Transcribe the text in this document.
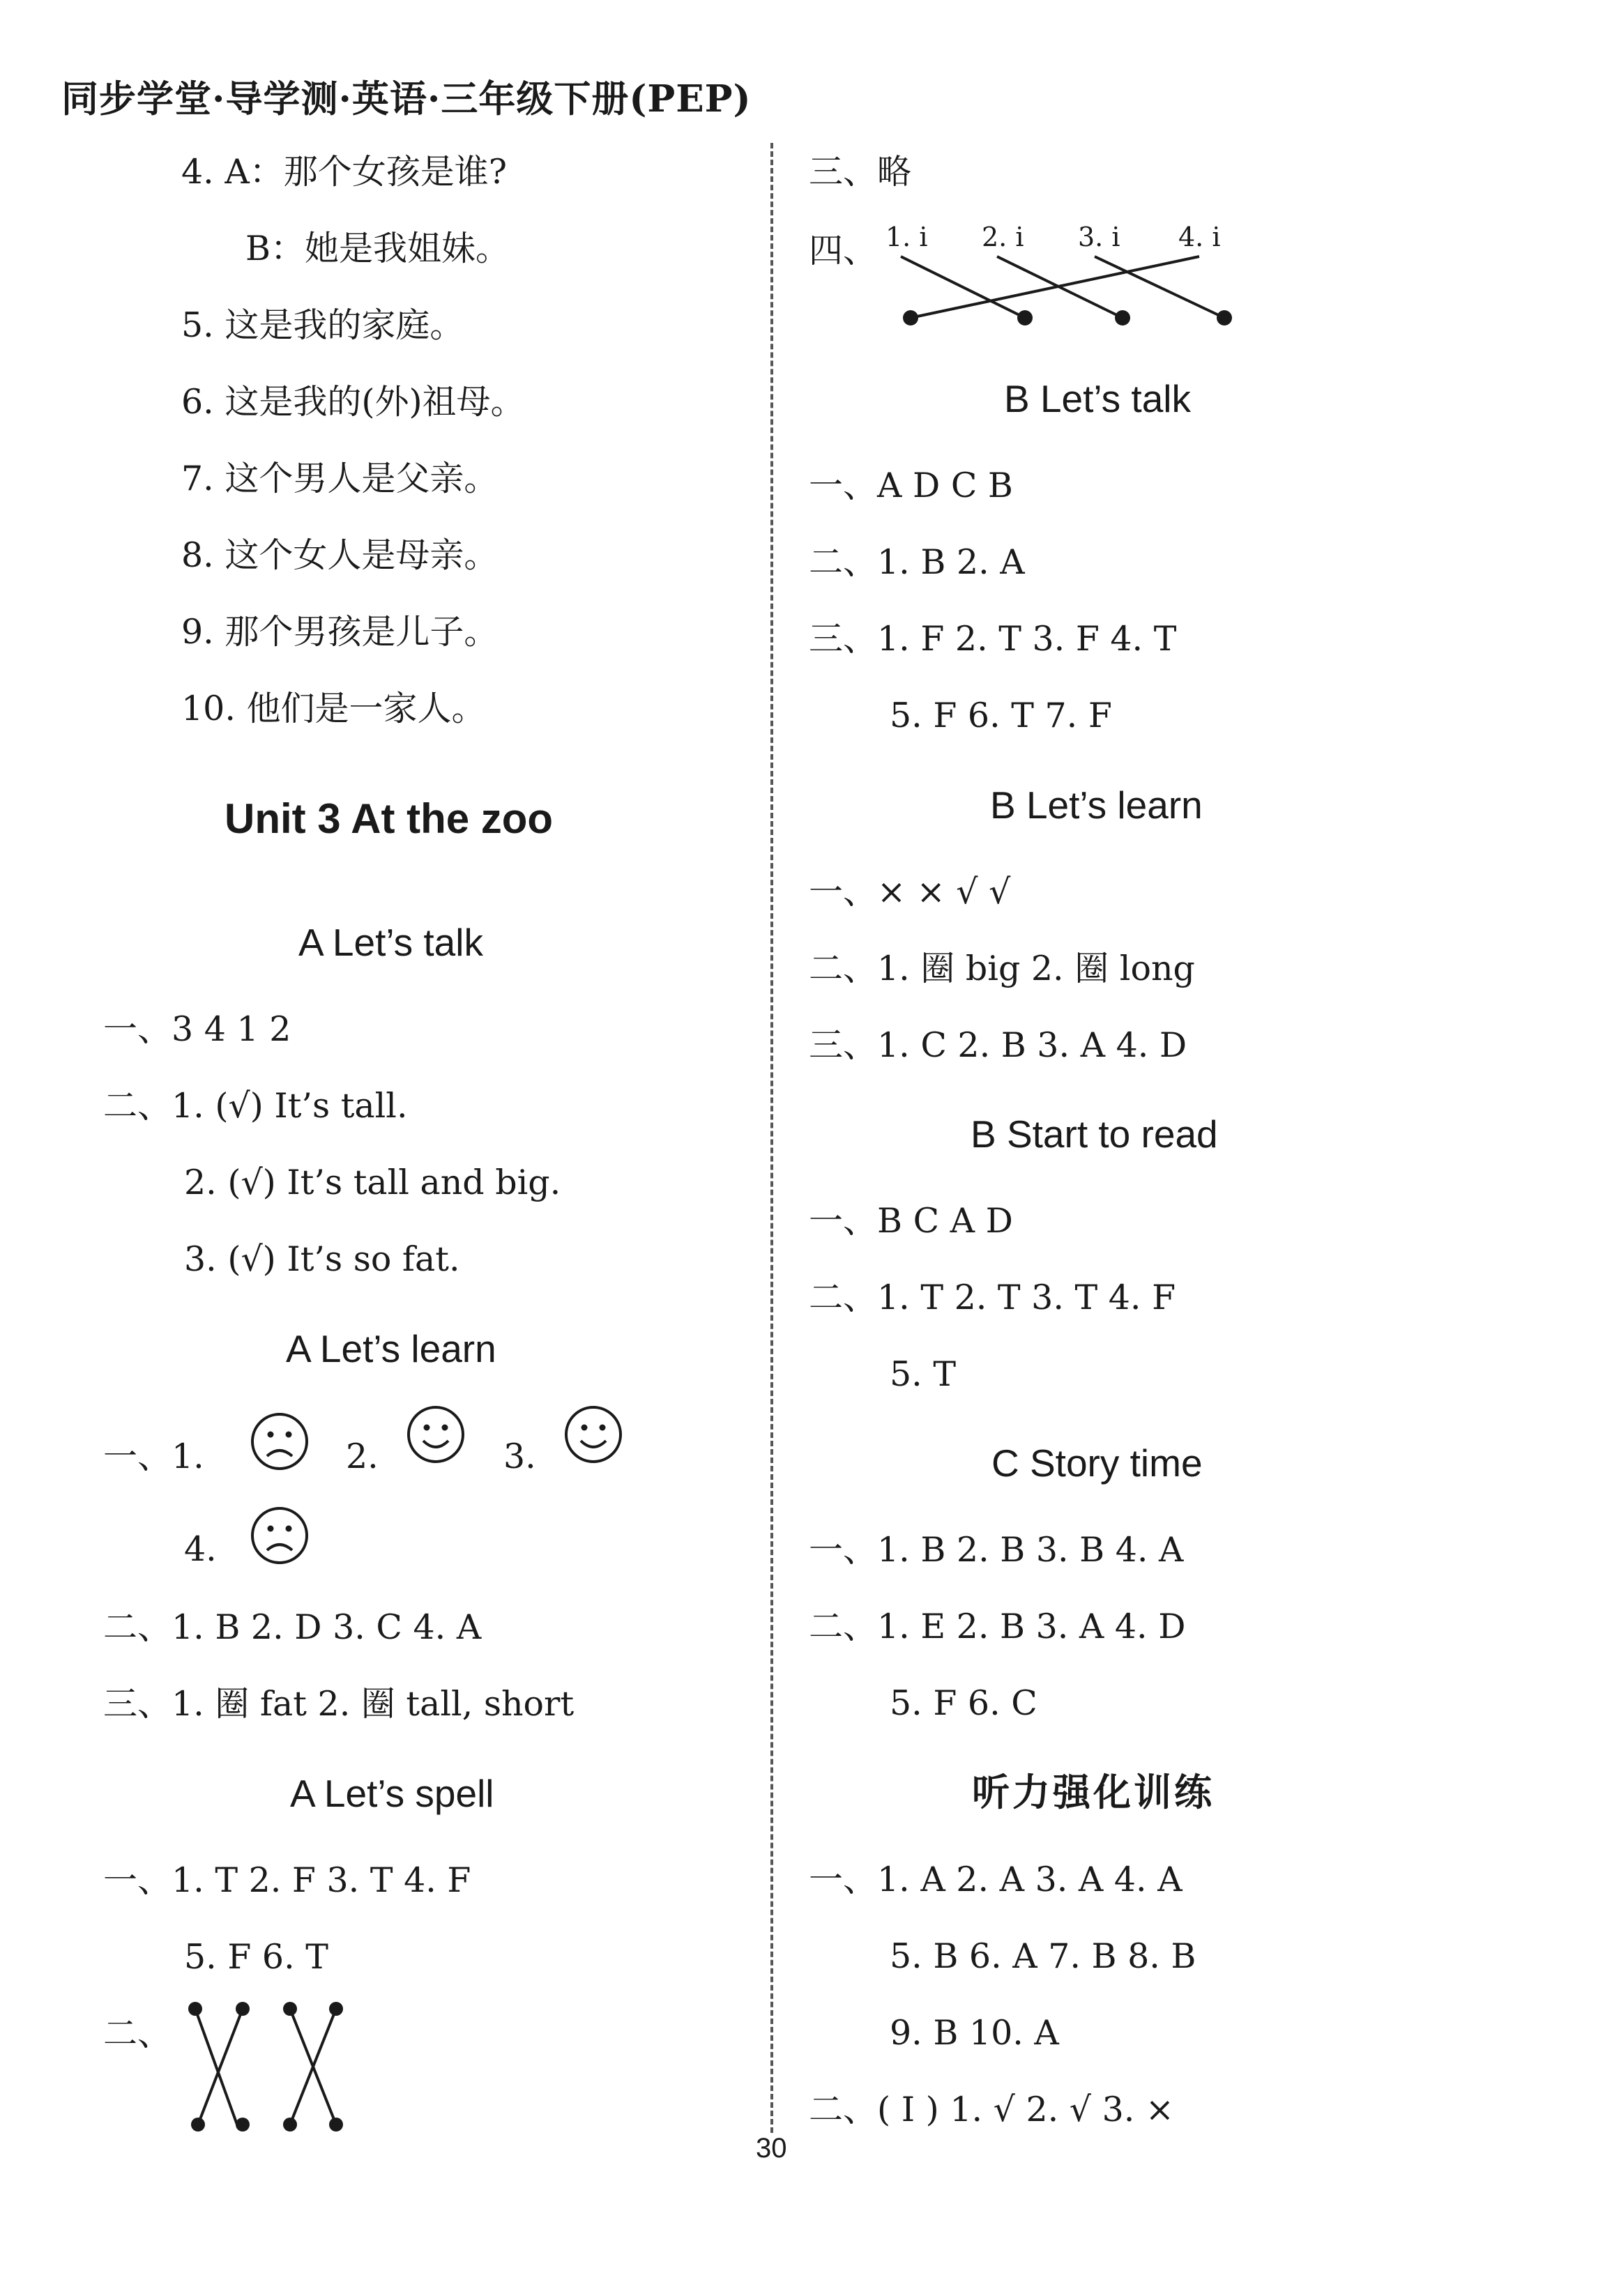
同步学堂·导学测·英语·三年级下册(PEP)
4. A：那个女孩是谁?
B：她是我姐妹。
5. 这是我的家庭。
6. 这是我的(外)祖母。
7. 这个男人是父亲。
8. 这个女人是母亲。
9. 那个男孩是儿子。
10. 他们是一家人。
Unit 3 At the zoo
A Let’s talk
一、3 4 1 2
二、1. (√) It’s tall.
2. (√) It’s tall and big.
3. (√) It’s so fat.
A Let’s learn
一、1.	2.	3.
4.
二、1. B 2. D 3. C 4. A
三、1. 圈 fat 2. 圈 tall, short
A Let’s spell
一、1. T 2. F 3. T 4. F
5. F 6. T
二、
三、略
四、 1. i 2. i 3. i 4. i
B Let’s talk
一、A D C B
二、1. B 2. A
三、1. F 2. T 3. F 4. T
5. F 6. T 7. F
B Let’s learn
一、× × √ √
二、1. 圈 big 2. 圈 long
三、1. C 2. B 3. A 4. D
B Start to read
一、B C A D
二、1. T 2. T 3. T 4. F
5. T
C Story time
一、1. B 2. B 3. B 4. A
二、1. E 2. B 3. A 4. D
5. F 6. C
听力强化训练
一、1. A 2. A 3. A 4. A
5. B 6. A 7. B 8. B
9. B 10. A
二、( Ⅰ ) 1. √ 2. √ 3. ×
30
